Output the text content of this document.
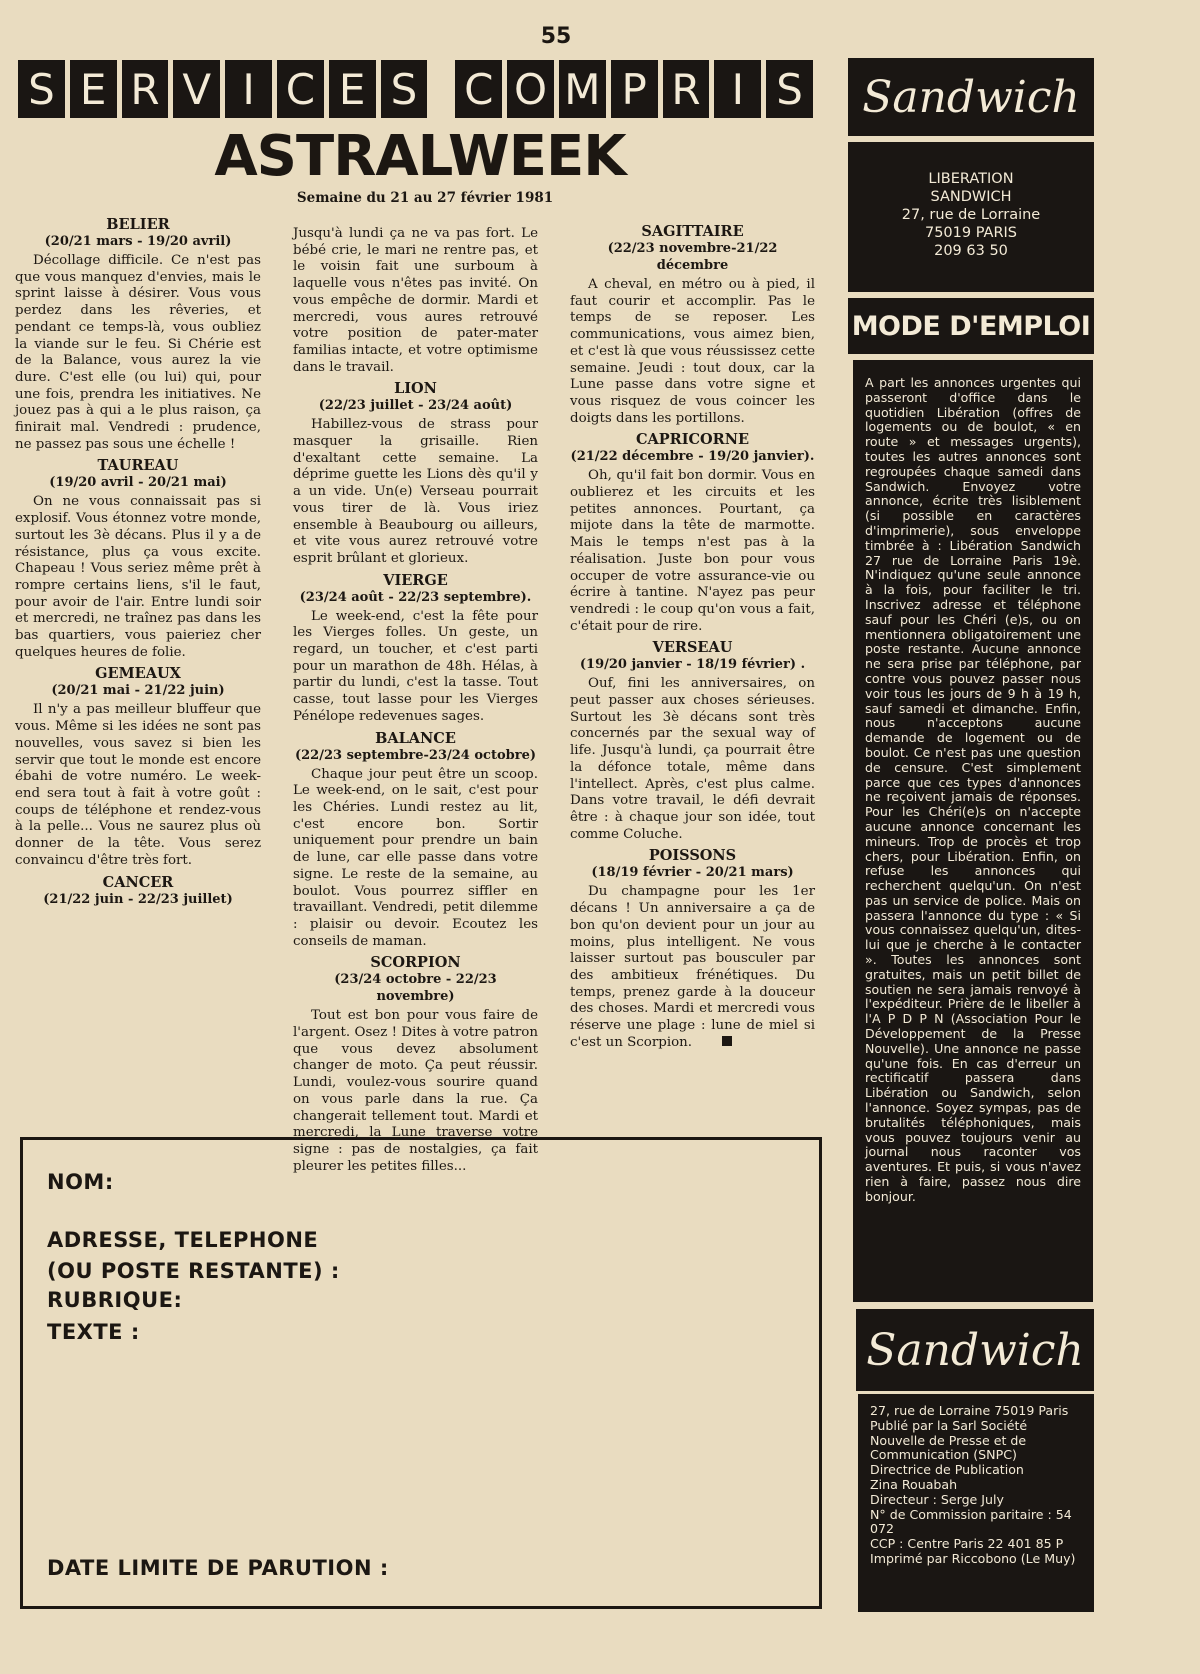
55
S E R V I C E S C O M P R I S
ASTRALWEEK
Semaine du 21 au 27 février 1981
BELIER
(20/21 mars - 19/20 avril)

Décollage difficile. Ce n'est pas que vous manquez d'envies, mais le sprint laisse à désirer. Vous vous perdez dans les rêveries, et pendant ce temps-là, vous oubliez la viande sur le feu. Si Chérie est de la Balance, vous aurez la vie dure. C'est elle (ou lui) qui, pour une fois, prendra les initiatives. Ne jouez pas à qui a le plus raison, ça finirait mal. Vendredi : prudence, ne passez pas sous une échelle !

TAUREAU
(19/20 avril - 20/21 mai)

On ne vous connaissait pas si explosif. Vous étonnez votre monde, surtout les 3è décans. Plus il y a de résistance, plus ça vous excite. Chapeau ! Vous seriez même prêt à rompre certains liens, s'il le faut, pour avoir de l'air. Entre lundi soir et mercredi, ne traînez pas dans les bas quartiers, vous paieriez cher quelques heures de folie.

GEMEAUX
(20/21 mai - 21/22 juin)

Il n'y a pas meilleur bluffeur que vous. Même si les idées ne sont pas nouvelles, vous savez si bien les servir que tout le monde est encore ébahi de votre numéro. Le week-end sera tout à fait à votre goût : coups de téléphone et rendez-vous à la pelle... Vous ne saurez plus où donner de la tête. Vous serez convaincu d'être très fort.

CANCER
(21/22 juin - 22/23 juillet)

Jusqu'à lundi ça ne va pas fort. Le bébé crie, le mari ne rentre pas, et le voisin fait une surboum à laquelle vous n'êtes pas invité. On vous empêche de dormir. Mardi et mercredi, vous aures retrouvé votre position de pater-mater familias intacte, et votre optimisme dans le travail.

LION
(22/23 juillet - 23/24 août)

Habillez-vous de strass pour masquer la grisaille. Rien d'exaltant cette semaine. La déprime guette les Lions dès qu'il y a un vide. Un(e) Verseau pourrait vous tirer de là. Vous iriez ensemble à Beaubourg ou ailleurs, et vite vous aurez retrouvé votre esprit brûlant et glorieux.

VIERGE
(23/24 août - 22/23 septembre).

Le week-end, c'est la fête pour les Vierges folles. Un geste, un regard, un toucher, et c'est parti pour un marathon de 48h. Hélas, à partir du lundi, c'est la tasse. Tout casse, tout lasse pour les Vierges Pénélope redevenues sages.

BALANCE
(22/23 septembre-23/24 octobre)

Chaque jour peut être un scoop. Le week-end, on le sait, c'est pour les Chéries. Lundi restez au lit, c'est encore bon. Sortir uniquement pour prendre un bain de lune, car elle passe dans votre signe. Le reste de la semaine, au boulot. Vous pourrez siffler en travaillant. Vendredi, petit dilemme : plaisir ou devoir. Ecoutez les conseils de maman.

SCORPION
(23/24 octobre - 22/23 novembre)

Tout est bon pour vous faire de l'argent. Osez ! Dites à votre patron que vous devez absolument changer de moto. Ça peut réussir. Lundi, voulez-vous sourire quand on vous parle dans la rue. Ça changerait tellement tout. Mardi et mercredi, la Lune traverse votre signe : pas de nostalgies, ça fait pleurer les petites filles...

SAGITTAIRE
(22/23 novembre-21/22 décembre

A cheval, en métro ou à pied, il faut courir et accomplir. Pas le temps de se reposer. Les communications, vous aimez bien, et c'est là que vous réussissez cette semaine. Jeudi : tout doux, car la Lune passe dans votre signe et vous risquez de vous coincer les doigts dans les portillons.

CAPRICORNE
(21/22 décembre - 19/20 janvier).

Oh, qu'il fait bon dormir. Vous en oublierez et les circuits et les petites annonces. Pourtant, ça mijote dans la tête de marmotte. Mais le temps n'est pas à la réalisation. Juste bon pour vous occuper de votre assurance-vie ou écrire à tantine. N'ayez pas peur vendredi : le coup qu'on vous a fait, c'était pour de rire.

VERSEAU
(19/20 janvier - 18/19 février) .

Ouf, fini les anniversaires, on peut passer aux choses sérieuses. Surtout les 3è décans sont très concernés par the sexual way of life. Jusqu'à lundi, ça pourrait être la défonce totale, même dans l'intellect. Après, c'est plus calme. Dans votre travail, le défi devrait être : à chaque jour son idée, tout comme Coluche.

POISSONS
(18/19 février - 20/21 mars)

Du champagne pour les 1er décans ! Un anniversaire a ça de bon qu'on devient pour un jour au moins, plus intelligent. Ne vous laisser surtout pas bousculer par des ambitieux frénétiques. Du temps, prenez garde à la douceur des choses. Mardi et mercredi vous réserve une plage : lune de miel si c'est un Scorpion.

NOM:
ADRESSE, TELEPHONE
(OU POSTE RESTANTE) :
RUBRIQUE:
TEXTE :
DATE LIMITE DE PARUTION :
Sandwich
LIBERATION
SANDWICH
27, rue de Lorraine
75019 PARIS
209 63 50
MODE D'EMPLOI
A part les annonces urgentes qui passeront d'office dans le quotidien Libération (offres de logements ou de boulot, « en route » et messages urgents), toutes les autres annonces sont regroupées chaque samedi dans Sandwich. Envoyez votre annonce, écrite très lisiblement (si possible en caractères d'imprimerie), sous enveloppe timbrée à : Libération Sandwich 27 rue de Lorraine Paris 19è. N'indiquez qu'une seule annonce à la fois, pour faciliter le tri. Inscrivez adresse et téléphone sauf pour les Chéri (e)s, ou on mentionnera obligatoirement une poste restante. Aucune annonce ne sera prise par téléphone, par contre vous pouvez passer nous voir tous les jours de 9 h à 19 h, sauf samedi et dimanche. Enfin, nous n'acceptons aucune demande de logement ou de boulot. Ce n'est pas une question de censure. C'est simplement parce que ces types d'annonces ne reçoivent jamais de réponses. Pour les Chéri(e)s on n'accepte aucune annonce concernant les mineurs. Trop de procès et trop chers, pour Libération. Enfin, on refuse les annonces qui recherchent quelqu'un. On n'est pas un service de police. Mais on passera l'annonce du type : « Si vous connaissez quelqu'un, dites-lui que je cherche à le contacter ». Toutes les annonces sont gratuites, mais un petit billet de soutien ne sera jamais renvoyé à l'expéditeur. Prière de le libeller à l'A P D P N (Association Pour le Développement de la Presse Nouvelle). Une annonce ne passe qu'une fois. En cas d'erreur un rectificatif passera dans Libération ou Sandwich, selon l'annonce. Soyez sympas, pas de brutalités téléphoniques, mais vous pouvez toujours venir au journal nous raconter vos aventures. Et puis, si vous n'avez rien à faire, passez nous dire bonjour.
Sandwich
27, rue de Lorraine 75019 Paris
Publié par la Sarl Société Nouvelle de Presse et de Communication (SNPC)
Directrice de Publication
Zina Rouabah
Directeur : Serge July
N° de Commission paritaire : 54 072
CCP : Centre Paris 22 401 85 P
Imprimé par Riccobono (Le Muy)
